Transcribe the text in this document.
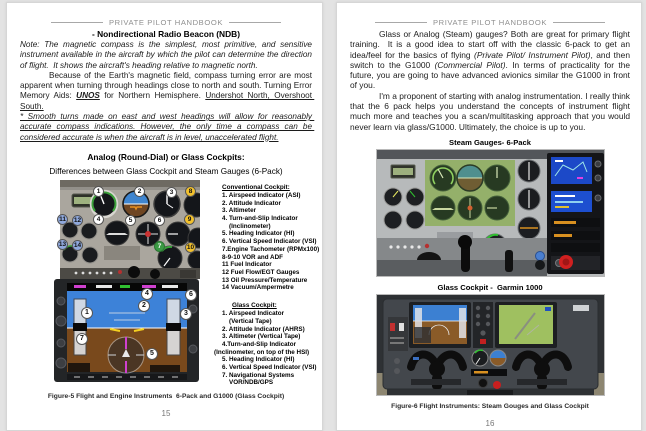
PRIVATE PILOT HANDBOOK
- Nondirectional Radio Beacon (NDB)

Note: The magnetic compass is the simplest, most primitive, and sensitive instrument available in the aircraft by which the pilot can determine the direction of flight.  It shows the aircraft's heading relative to magnetic north.

Because of the Earth's magnetic field, compass turning error are most apparent when turning through headings close to north and south. Turning Error Memory Aids: UNOS for Northern Hemisphere. Undershot North, Overshoot South.

* Smooth turns made on east and west headings will allow for reasonably accurate compass indications. However, the only time a compass can be considered accurate is when the aircraft is in level, unaccelerated flight.

Analog (Round-Dial) or Glass Cockpits:
Differences between Glass Cockpit and Steam Gauges (6-Pack)
1	2	3	8
11	12	4	5	6	9
13 14	7	10
1
4
2
6
3
7
5
Conventional Cockpit:
1. Airspeed Indicator (ASI)
2. Attitude Indicator
3. Altimeter
4. Turn-and-Slip Indicator
(Inclinometer)
5. Heading Indicator (HI)
6. Vertical Speed Indicator (VSI)
7.Engine Tachometer (RPMx100)
8-9-10 VOR and ADF
11 Fuel Indicator
12 Fuel Flow/EGT Gauges
13 Oil Pressure/Temperature
14 Vacuum/Ampermetre
Glass Cockpit:
1. Airspeed Indicator
(Vertical Tape)
2. Attitude Indicator (AHRS)
3. Altimeter (Vertical Tape)
4.Turn-and-Slip Indicator
(Inclinometer, on top of the HSI)
5. Heading Indicator (HI)
6. Vertical Speed Indicator (VSI)
7. Navigational Systems
VOR/NDB/GPS
Figure-5 Flight and Engine Instruments  6-Pack and G1000 (Glass Cockpit)
15
PRIVATE PILOT HANDBOOK

Glass or Analog (Steam) gauges? Both are great for primary flight training.  It is a good idea to start off with the classic 6-pack to get an idea/feel for the basics of flying (Private Pilot/ Instrument Pilot), and then switch to the G1000 (Commercial Pilot). In terms of practicality for the future, you are going to have advanced avionics similar the G1000 in front of you.

I'm a proponent of starting with analog instrumentation. I really think that the 6 pack helps you understand the concepts of instrument flight much more and teaches you a scan/multitasking approach that you would never learn via glass/G1000. Ultimately, the choice is up to you.

Steam Gauges- 6-Pack
Glass Cockpit -  Garmin 1000
Figure-6 Flight Instruments: Steam Gouges and Glass Cockpit
16
